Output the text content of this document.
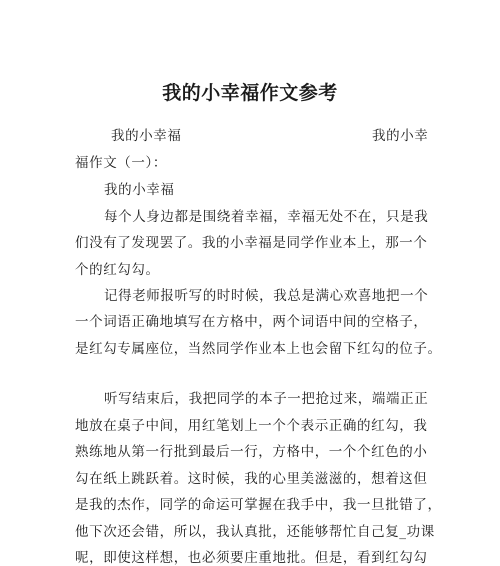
我的小幸福作文参考
我的小幸福	我的小幸
福作文（一）：
我的小幸福
每个人身边都是围绕着幸福，幸福无处不在，只是我
们没有了发现罢了。我的小幸福是同学作业本上，那一个
个的红勾勾。
记得老师报听写的时时候，我总是满心欢喜地把一个
一个词语正确地填写在方格中，两个词语中间的空格子，
是红勾专属座位，当然同学作业本上也会留下红勾的位子。
听写结束后，我把同学的本子一把抢过来，端端正正
地放在桌子中间，用红笔划上一个个表示正确的红勾，我
熟练地从第一行批到最后一行，方格中，一个个红色的小
勾在纸上跳跃着。这时候，我的心里美滋滋的，想着这但
是我的杰作，同学的命运可掌握在我手中，我一旦批错了，
他下次还会错，所以，我认真批，还能够帮忙自己复_功课
呢，即使这样想，也必须要庄重地批。但是，看到红勾勾
